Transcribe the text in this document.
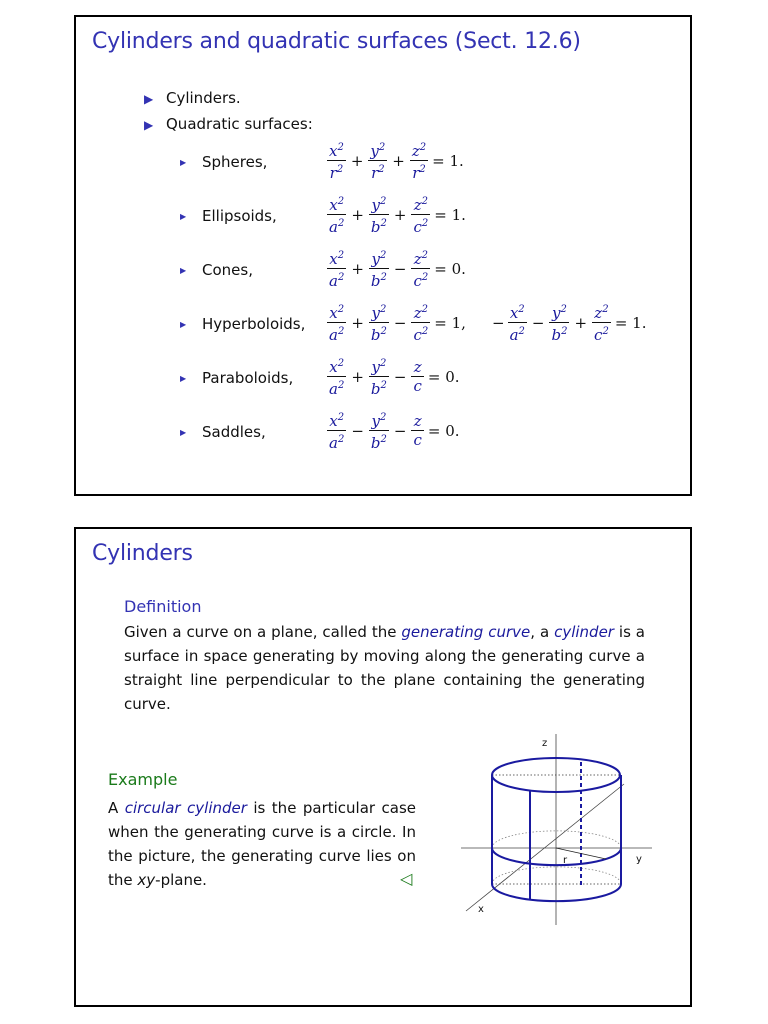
Cylinders and quadratic surfaces (Sect. 12.6)
▶ Cylinders.
▶ Quadratic surfaces:
▶ Spheres,
▶ Ellipsoids,
▶ Cones,
▶ Hyperboloids,
▶ Paraboloids,
▶ Saddles,
$\frac{x^2}{r^2} + \frac{y^2}{r^2} + \frac{z^2}{r^2} = 1$.
$\frac{x^2}{a^2} + \frac{y^2}{b^2} + \frac{z^2}{c^2} = 1$.
$\frac{x^2}{a^2} + \frac{y^2}{b^2} - \frac{z^2}{c^2} = 0$.
$\frac{x^2}{a^2} + \frac{y^2}{b^2} - \frac{z^2}{c^2} = 1$, − $\frac{x^2}{a^2} - \frac{y^2}{b^2} + \frac{z^2}{c^2} = 1$.
$\frac{x^2}{a^2} + \frac{y^2}{b^2} - \frac{z}{c} = 0$.
$\frac{x^2}{a^2} - \frac{y^2}{b^2} - \frac{z}{c} = 0$.
Cylinders
Definition
Given a curve on a plane, called the generating curve, a cylinder is a surface in space generating by moving along the generating curve a straight line perpendicular to the plane containing the generating curve.
Example
A circular cylinder is the particular case when the generating curve is a circle. In the picture, the generating curve lies on the xy-plane.	◁
z
y
x
r
